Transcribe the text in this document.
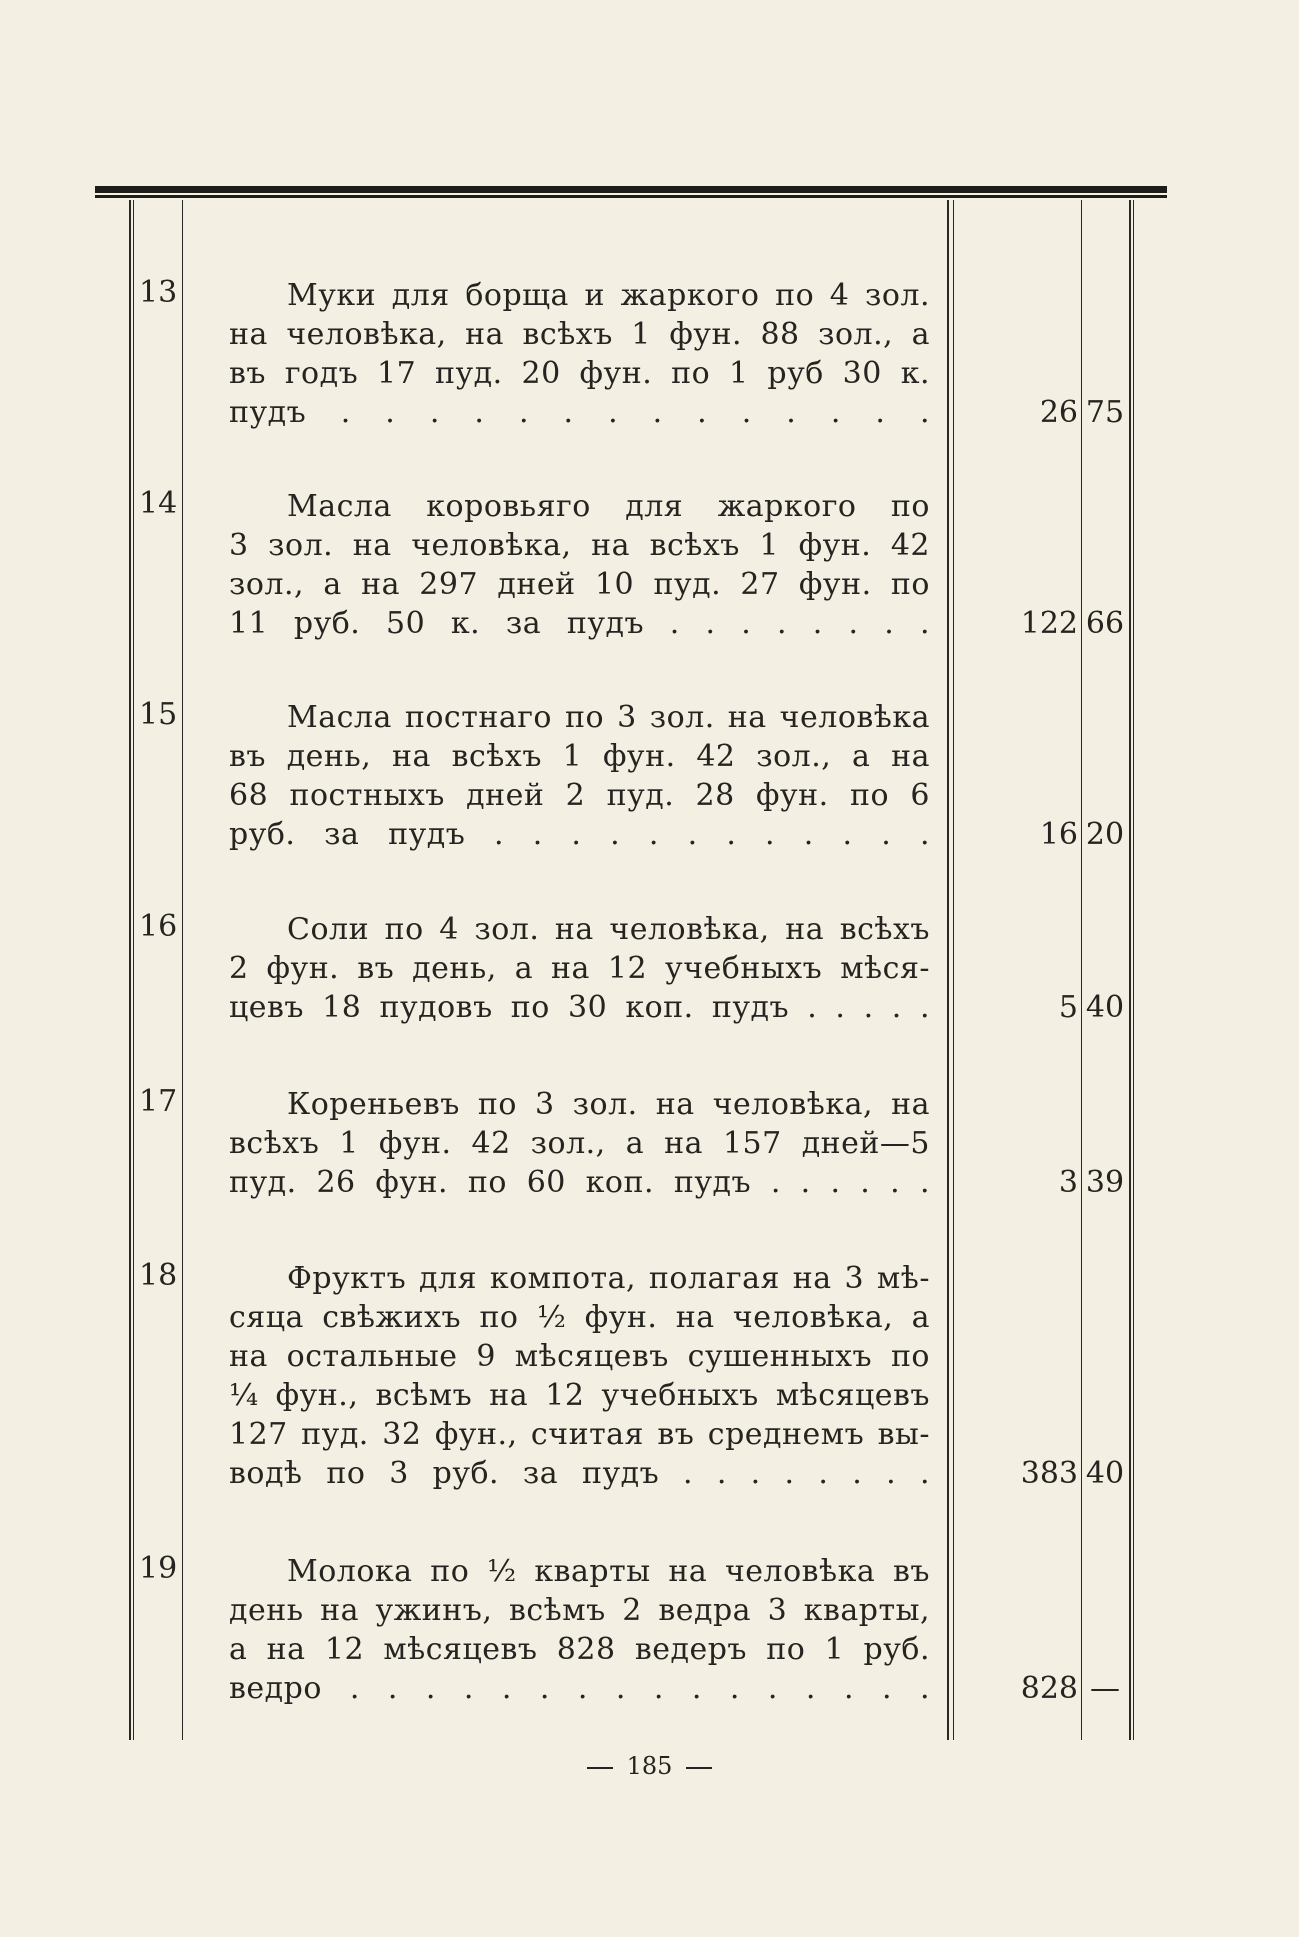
13	Муки для борща и жаркого по 4 зол.
на человѣка, на всѣхъ 1 фун. 88 зол., а
въ годъ 17 пуд. 20 фун. по 1 руб 30 к.
пудъ . . . . . . . . . . . . . .	26 75
14	Масла коровьяго для жаркого по
3 зол. на человѣка, на всѣхъ 1 фун. 42
зол., а на 297 дней 10 пуд. 27 фун. по
11 руб. 50 к. за пудъ . . . . . . . .	122 66
15	Масла постнаго по 3 зол. на человѣка
въ день, на всѣхъ 1 фун. 42 зол., а на
68 постныхъ дней 2 пуд. 28 фун. по 6
руб. за пудъ . . . . . . . . . . . .	16 20
16	Соли по 4 зол. на человѣка, на всѣхъ
2 фун. въ день, а на 12 учебныхъ мѣся-
цевъ 18 пудовъ по 30 коп. пудъ . . . . .	5 40
17	Кореньевъ по 3 зол. на человѣка, на
всѣхъ 1 фун. 42 зол., а на 157 дней—5
пуд. 26 фун. по 60 коп. пудъ . . . . . .	3 39
18	Фруктъ для компота, полагая на 3 мѣ-
сяца свѣжихъ по ½ фун. на человѣка, а
на остальные 9 мѣсяцевъ сушенныхъ по
¼ фун., всѣмъ на 12 учебныхъ мѣсяцевъ
127 пуд. 32 фун., считая въ среднемъ вы-
водѣ по 3 руб. за пудъ . . . . . . . .	383 40
19	Молока по ½ кварты на человѣка въ
день на ужинъ, всѣмъ 2 ведра 3 кварты,
а на 12 мѣсяцевъ 828 ведеръ по 1 руб.
ведро . . . . . . . . . . . . . . . .	828 —
185
